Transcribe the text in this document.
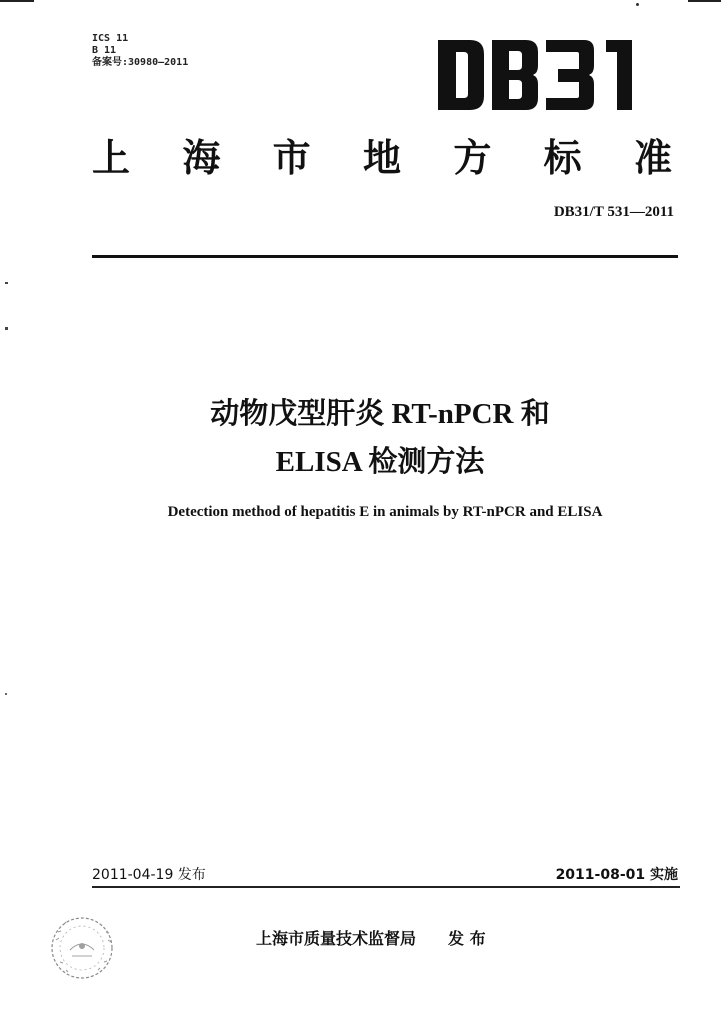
ICS 11
B 11
备案号:30980—2011
上 海 市 地 方 标 准
DB31/T 531—2011
动物戊型肝炎 RT-nPCR 和
ELISA 检测方法
Detection method of hepatitis E in animals by RT-nPCR and ELISA
2011-04-19 发布	2011-08-01 实施
上海市质量技术监督局 发 布
